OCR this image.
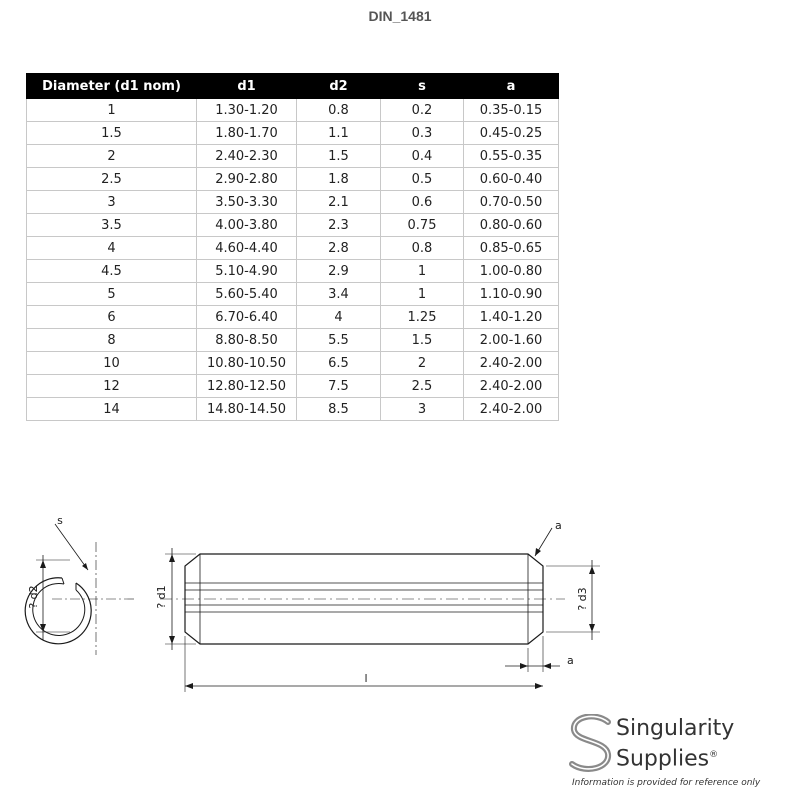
DIN_1481
Diameter (d1 nom)	d1	d2	s	a
1	1.30-1.20	0.8	0.2	0.35-0.15
1.5	1.80-1.70	1.1	0.3	0.45-0.25
2	2.40-2.30	1.5	0.4	0.55-0.35
2.5	2.90-2.80	1.8	0.5	0.60-0.40
3	3.50-3.30	2.1	0.6	0.70-0.50
3.5	4.00-3.80	2.3	0.75	0.80-0.60
4	4.60-4.40	2.8	0.8	0.85-0.65
4.5	5.10-4.90	2.9	1	1.00-0.80
5	5.60-5.40	3.4	1	1.10-0.90
6	6.70-6.40	4	1.25	1.40-1.20
8	8.80-8.50	5.5	1.5	2.00-1.60
10	10.80-10.50	6.5	2	2.40-2.00
12	12.80-12.50	7.5	2.5	2.40-2.00
14	14.80-14.50	8.5	3	2.40-2.00
s
? d2	? d1	? d3
a
a
l
Singularity
Supplies®
Information is provided for reference only
